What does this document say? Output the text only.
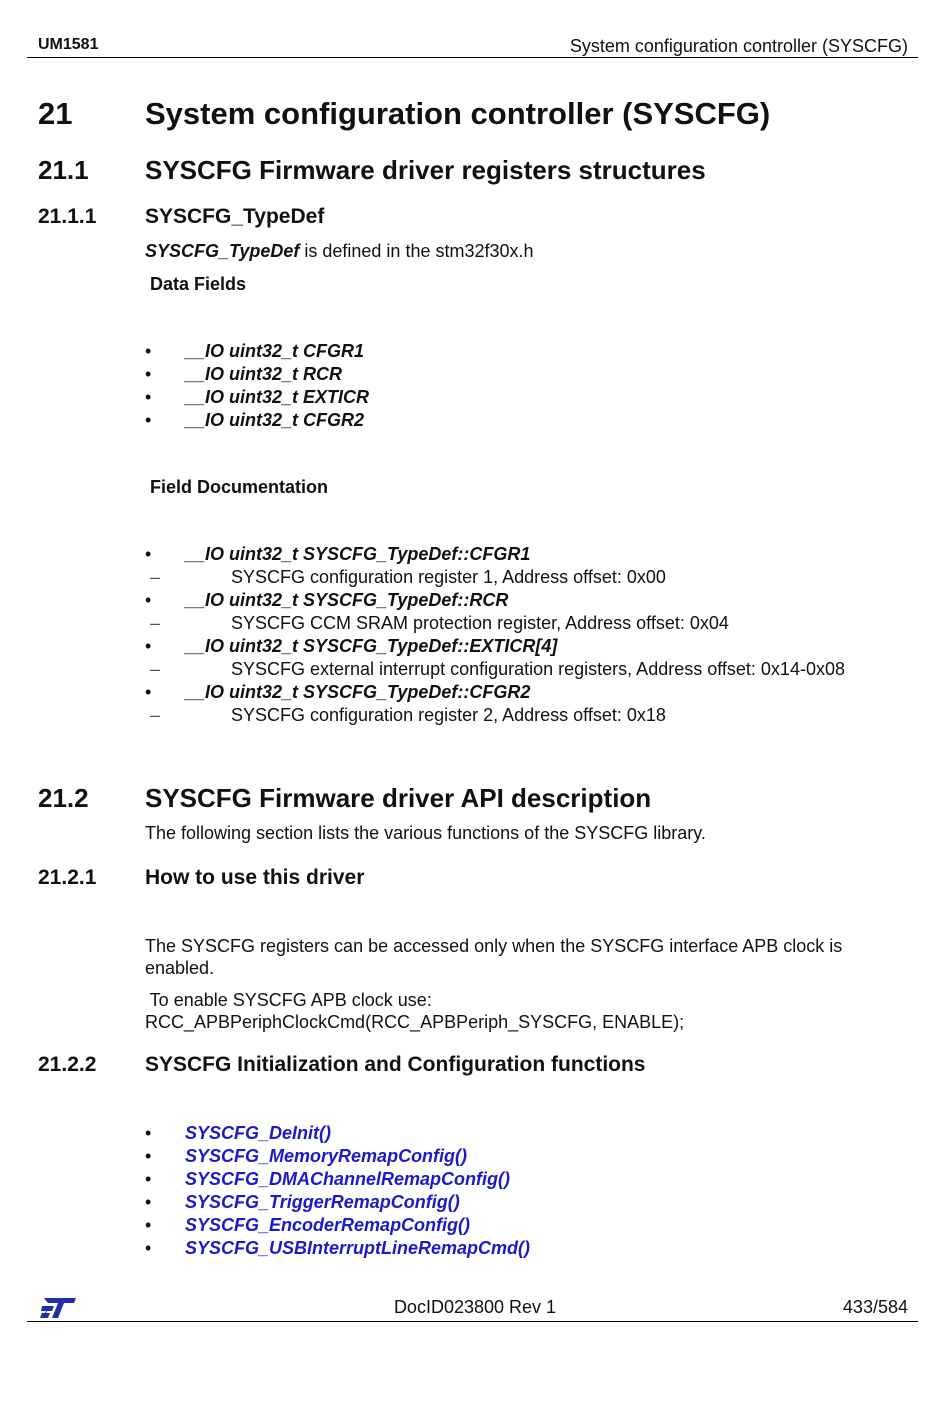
UM1581	System configuration controller (SYSCFG)
21 System configuration controller (SYSCFG)
21.1 SYSCFG Firmware driver registers structures
21.1.1 SYSCFG_TypeDef
SYSCFG_TypeDef is defined in the stm32f30x.h
Data Fields
• __IO uint32_t CFGR1
• __IO uint32_t RCR
• __IO uint32_t EXTICR
• __IO uint32_t CFGR2
Field Documentation
• __IO uint32_t SYSCFG_TypeDef::CFGR1
–	SYSCFG configuration register 1, Address offset: 0x00
• __IO uint32_t SYSCFG_TypeDef::RCR
–	SYSCFG CCM SRAM protection register, Address offset: 0x04
• __IO uint32_t SYSCFG_TypeDef::EXTICR[4]
–	SYSCFG external interrupt configuration registers, Address offset: 0x14-0x08
• __IO uint32_t SYSCFG_TypeDef::CFGR2
–	SYSCFG configuration register 2, Address offset: 0x18
21.2 SYSCFG Firmware driver API description
The following section lists the various functions of the SYSCFG library.
21.2.1 How to use this driver
The SYSCFG registers can be accessed only when the SYSCFG interface APB clock is enabled.
To enable SYSCFG APB clock use:
RCC_APBPeriphClockCmd(RCC_APBPeriph_SYSCFG, ENABLE);
21.2.2 SYSCFG Initialization and Configuration functions
• SYSCFG_DeInit()
• SYSCFG_MemoryRemapConfig()
• SYSCFG_DMAChannelRemapConfig()
• SYSCFG_TriggerRemapConfig()
• SYSCFG_EncoderRemapConfig()
• SYSCFG_USBInterruptLineRemapCmd()
DocID023800 Rev 1	433/584
